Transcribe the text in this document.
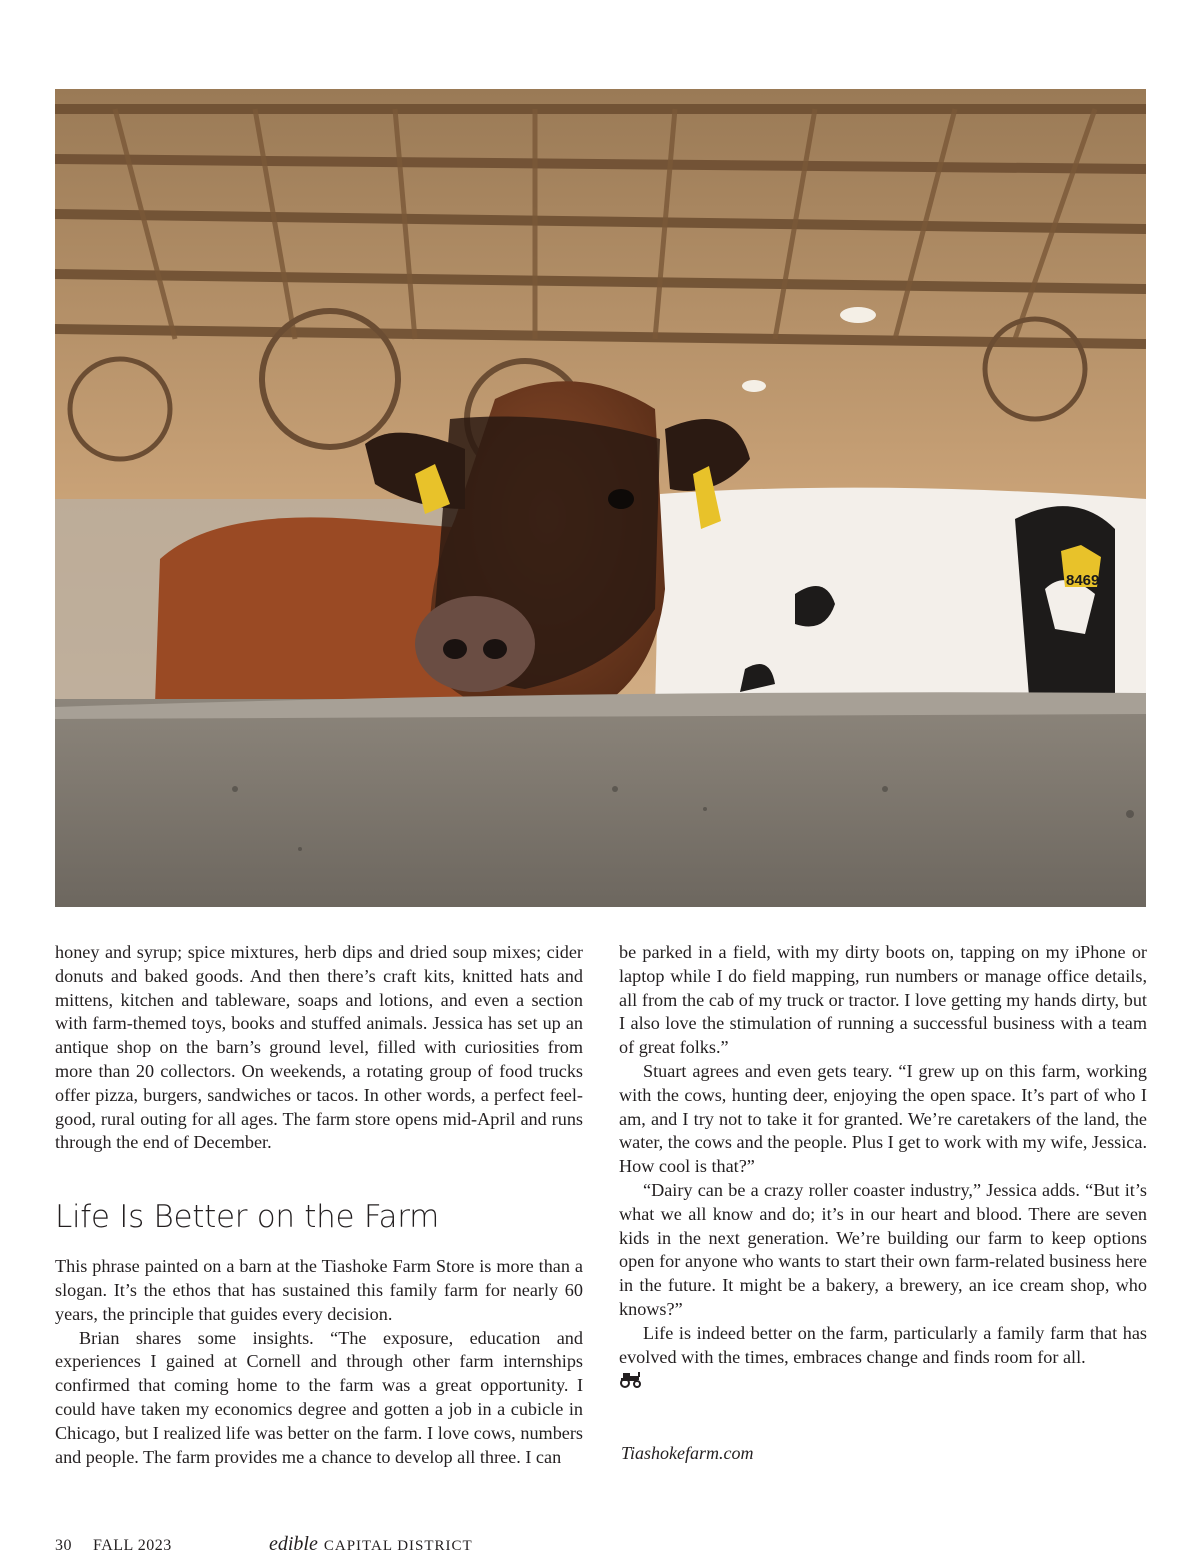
8469

honey and syrup; spice mixtures, herb dips and dried soup mixes; cider donuts and baked goods. And then there’s craft kits, knitted hats and mittens, kitchen and tableware, soaps and lotions, and even a section with farm-themed toys, books and stuffed animals. Jessica has set up an antique shop on the barn’s ground level, filled with curiosities from more than 20 collectors. On weekends, a rotating group of food trucks offer pizza, burgers, sandwiches or tacos. In other words, a perfect feel-good, rural outing for all ages. The farm store opens mid-April and runs through the end of December.

Life Is Better on the Farm

This phrase painted on a barn at the Tiashoke Farm Store is more than a slogan. It’s the ethos that has sustained this family farm for nearly 60 years, the principle that guides every decision.

Brian shares some insights. “The exposure, education and experiences I gained at Cornell and through other farm internships confirmed that coming home to the farm was a great opportunity. I could have taken my economics degree and gotten a job in a cubicle in Chicago, but I realized life was better on the farm. I love cows, numbers and people. The farm provides me a chance to develop all three. I can

be parked in a field, with my dirty boots on, tapping on my iPhone or laptop while I do field mapping, run numbers or manage office details, all from the cab of my truck or tractor. I love getting my hands dirty, but I also love the stimulation of running a successful business with a team of great folks.”

Stuart agrees and even gets teary. “I grew up on this farm, working with the cows, hunting deer, enjoying the open space. It’s part of who I am, and I try not to take it for granted. We’re caretakers of the land, the water, the cows and the people. Plus I get to work with my wife, Jessica. How cool is that?”

“Dairy can be a crazy roller coaster industry,” Jessica adds. “But it’s what we all know and do; it’s in our heart and blood. There are seven kids in the next generation. We’re building our farm to keep options open for anyone who wants to start their own farm-related business here in the future. It might be a bakery, a brewery, an ice cream shop, who knows?”

Life is indeed better on the farm, particularly a family farm that has evolved with the times, embraces change and finds room for all.

Tiashokefarm.com
30	FALL 2023	edible CAPITAL DISTRICT
